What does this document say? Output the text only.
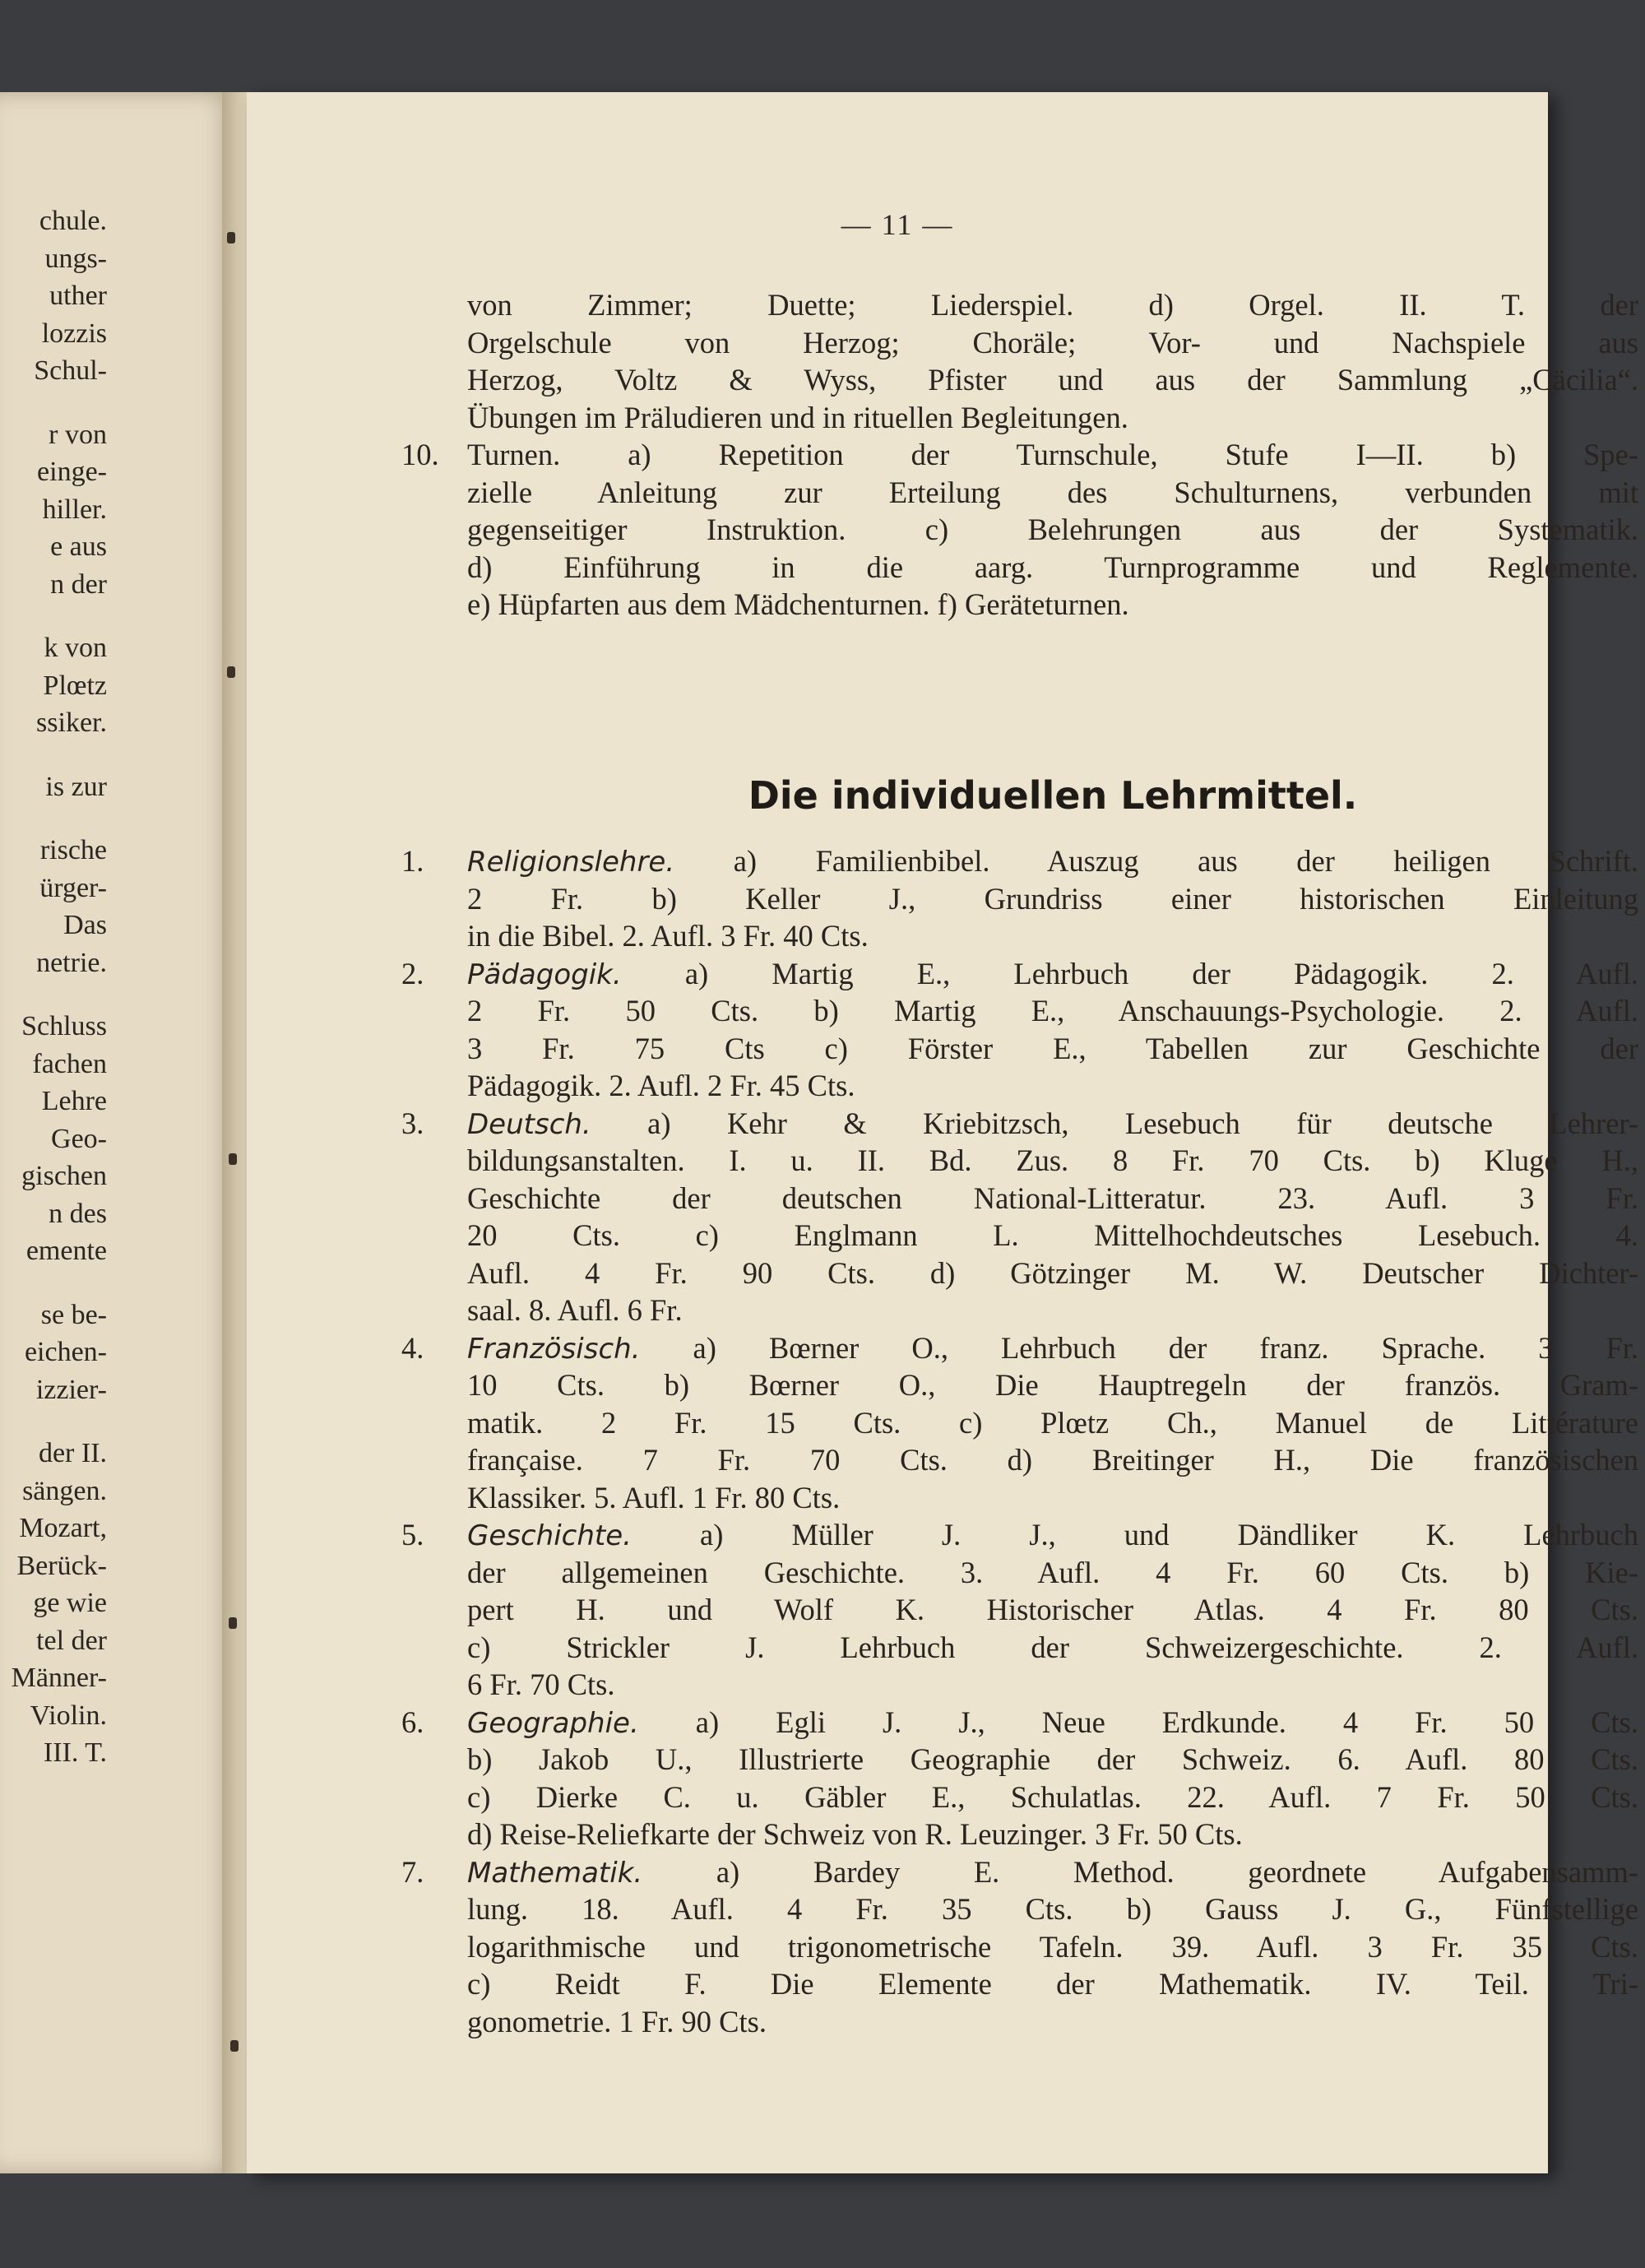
chule.
ungs-
uther
lozzis
Schul-
r von
einge-
hiller.
e aus
n der
k von
Plœtz
ssiker.
is zur
rische
ürger-
Das
netrie.
Schluss
fachen
Lehre
Geo-
gischen
n des
emente
se be-
eichen-
izzier-
der II.
sängen.
Mozart,
Berück-
ge wie
tel der
Männer-
Violin.
III. T.
— 11 —
von Zimmer; Duette; Liederspiel. d) Orgel. II. T. der
Orgelschule von Herzog; Choräle; Vor- und Nachspiele aus
Herzog, Voltz & Wyss, Pfister und aus der Sammlung „Cäcilia“.
Übungen im Präludieren und in rituellen Begleitungen.
10. Turnen. a) Repetition der Turnschule, Stufe I—II. b) Spe-
zielle Anleitung zur Erteilung des Schulturnens, verbunden mit
gegenseitiger Instruktion. c) Belehrungen aus der Systematik.
d) Einführung in die aarg. Turnprogramme und Reglemente.
e) Hüpfarten aus dem Mädchenturnen. f) Geräteturnen.
Die individuellen Lehrmittel.
1.	Religionslehre. a) Familienbibel. Auszug aus der heiligen Schrift.
2 Fr. b) Keller J., Grundriss einer historischen Einleitung
in die Bibel. 2. Aufl. 3 Fr. 40 Cts.
2.	Pädagogik. a) Martig E., Lehrbuch der Pädagogik. 2. Aufl.
2 Fr. 50 Cts. b) Martig E., Anschauungs-Psychologie. 2. Aufl.
3 Fr. 75 Cts c) Förster E., Tabellen zur Geschichte der
Pädagogik. 2. Aufl. 2 Fr. 45 Cts.
3.	Deutsch. a) Kehr & Kriebitzsch, Lesebuch für deutsche Lehrer-
bildungsanstalten. I. u. II. Bd. Zus. 8 Fr. 70 Cts. b) Kluge H.,
Geschichte der deutschen National-Litteratur. 23. Aufl. 3 Fr.
20 Cts. c) Englmann L. Mittelhochdeutsches Lesebuch. 4.
Aufl. 4 Fr. 90 Cts. d) Götzinger M. W. Deutscher Dichter-
saal. 8. Aufl. 6 Fr.
4.	Französisch. a) Bœrner O., Lehrbuch der franz. Sprache. 3 Fr.
10 Cts. b) Bœrner O., Die Hauptregeln der französ. Gram-
matik. 2 Fr. 15 Cts. c) Plœtz Ch., Manuel de Littérature
française. 7 Fr. 70 Cts. d) Breitinger H., Die französischen
Klassiker. 5. Aufl. 1 Fr. 80 Cts.
5.	Geschichte. a) Müller J. J., und Dändliker K. Lehrbuch
der allgemeinen Geschichte. 3. Aufl. 4 Fr. 60 Cts. b) Kie-
pert H. und Wolf K. Historischer Atlas. 4 Fr. 80 Cts.
c) Strickler J. Lehrbuch der Schweizergeschichte. 2. Aufl.
6 Fr. 70 Cts.
6.	Geographie. a) Egli J. J., Neue Erdkunde. 4 Fr. 50 Cts.
b) Jakob U., Illustrierte Geographie der Schweiz. 6. Aufl. 80 Cts.
c) Dierke C. u. Gäbler E., Schulatlas. 22. Aufl. 7 Fr. 50 Cts.
d) Reise-Reliefkarte der Schweiz von R. Leuzinger. 3 Fr. 50 Cts.
7.	Mathematik. a) Bardey E. Method. geordnete Aufgabensamm-
lung. 18. Aufl. 4 Fr. 35 Cts. b) Gauss J. G., Fünfstellige
logarithmische und trigonometrische Tafeln. 39. Aufl. 3 Fr. 35 Cts.
c) Reidt F. Die Elemente der Mathematik. IV. Teil. Tri-
gonometrie. 1 Fr. 90 Cts.
